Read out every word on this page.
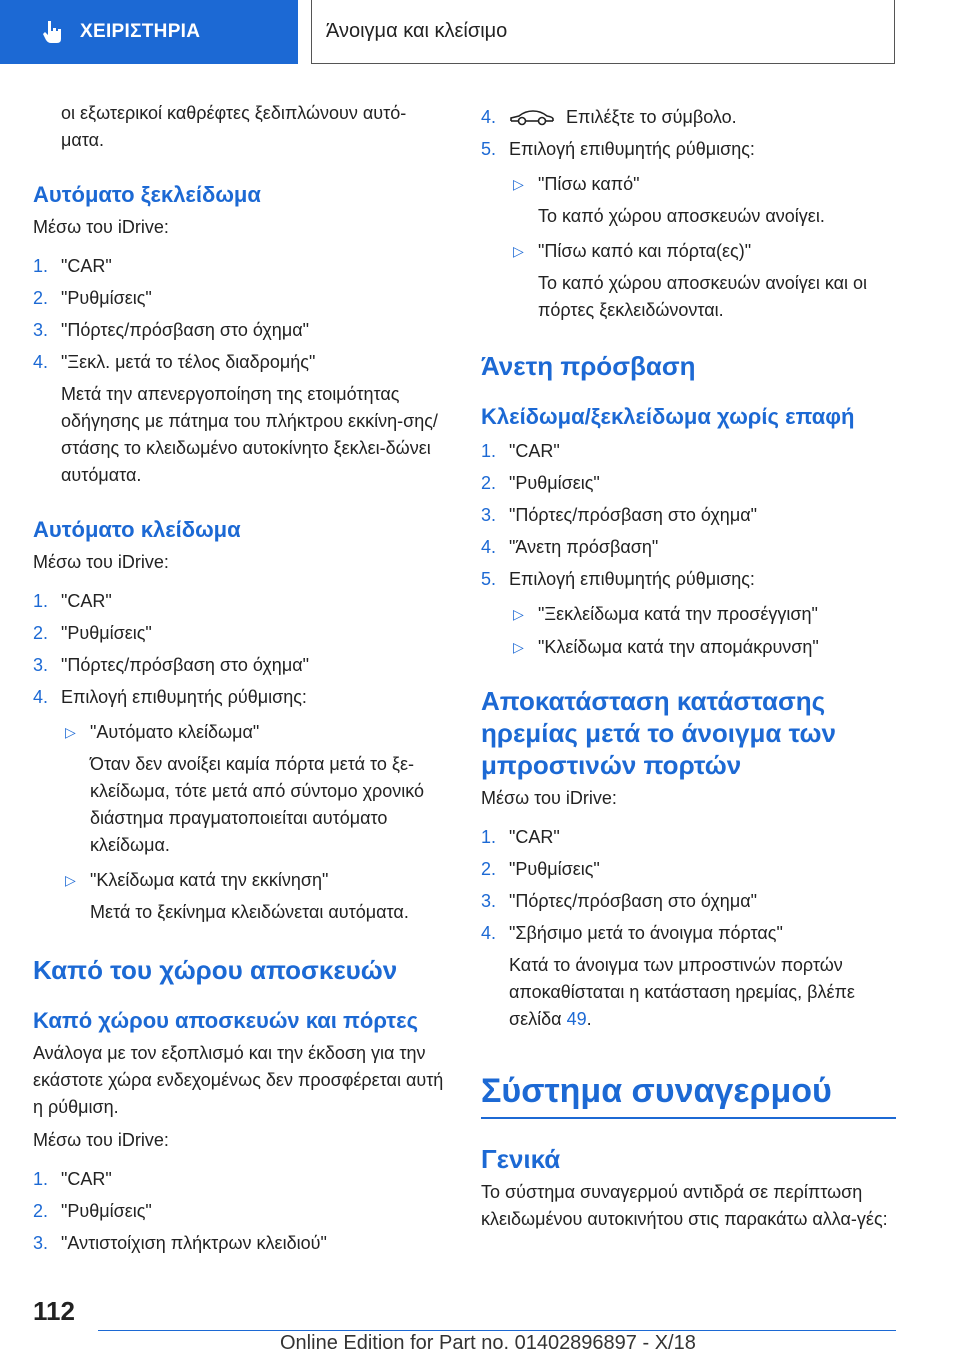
ΧΕΙΡΙΣΤΗΡΙΑ	Άνοιγμα και κλείσιμο

οι εξωτερικοί καθρέφτες ξεδιπλώνουν αυτό-ματα.

Αυτόματο ξεκλείδωμα

Μέσω του iDrive:

1. "CAR"
2. "Ρυθμίσεις"
3. "Πόρτες/πρόσβαση στο όχημα"
4. "Ξεκλ. μετά το τέλος διαδρομής"

Μετά την απενεργοποίηση της ετοιμότητας οδήγησης με πάτημα του πλήκτρου εκκίνη-σης/στάσης το κλειδωμένο αυτοκίνητο ξεκλει-δώνει αυτόματα.

Αυτόματο κλείδωμα

Μέσω του iDrive:

1. "CAR"
2. "Ρυθμίσεις"
3. "Πόρτες/πρόσβαση στο όχημα"
4. Επιλογή επιθυμητής ρύθμισης:
▷ "Αυτόματο κλείδωμα"

Όταν δεν ανοίξει καμία πόρτα μετά το ξε-κλείδωμα, τότε μετά από σύντομο χρονικό διάστημα πραγματοποιείται αυτόματο κλείδωμα.

▷ "Κλείδωμα κατά την εκκίνηση"

Μετά το ξεκίνημα κλειδώνεται αυτόματα.

Καπό του χώρου αποσκευών
Καπό χώρου αποσκευών και πόρτες

Ανάλογα με τον εξοπλισμό και την έκδοση για την εκάστοτε χώρα ενδεχομένως δεν προσφέρεται αυτή η ρύθμιση.

Μέσω του iDrive:

1. "CAR"
2. "Ρυθμίσεις"
3. "Αντιστοίχιση πλήκτρων κλειδιού"
4.	Επιλέξτε το σύμβολο.
5. Επιλογή επιθυμητής ρύθμισης:
▷ "Πίσω καπό"

Το καπό χώρου αποσκευών ανοίγει.

▷ "Πίσω καπό και πόρτα(ες)"

Το καπό χώρου αποσκευών ανοίγει και οι πόρτες ξεκλειδώνονται.

Άνετη πρόσβαση
Κλείδωμα/ξεκλείδωμα χωρίς επαφή
1. "CAR"
2. "Ρυθμίσεις"
3. "Πόρτες/πρόσβαση στο όχημα"
4. "Άνετη πρόσβαση"
5. Επιλογή επιθυμητής ρύθμισης:
▷ "Ξεκλείδωμα κατά την προσέγγιση"
▷ "Κλείδωμα κατά την απομάκρυνση"
Αποκατάσταση κατάστασης ηρεμίας μετά το άνοιγμα των μπροστινών πορτών

Μέσω του iDrive:

1. "CAR"
2. "Ρυθμίσεις"
3. "Πόρτες/πρόσβαση στο όχημα"
4. "Σβήσιμο μετά το άνοιγμα πόρτας"

Κατά το άνοιγμα των μπροστινών πορτών αποκαθίσταται η κατάσταση ηρεμίας, βλέπε σελίδα 49.

Σύστημα συναγερμού
Γενικά

Το σύστημα συναγερμού αντιδρά σε περίπτωση κλειδωμένου αυτοκινήτου στις παρακάτω αλλα-γές:

112
Online Edition for Part no. 01402896897 - X/18
